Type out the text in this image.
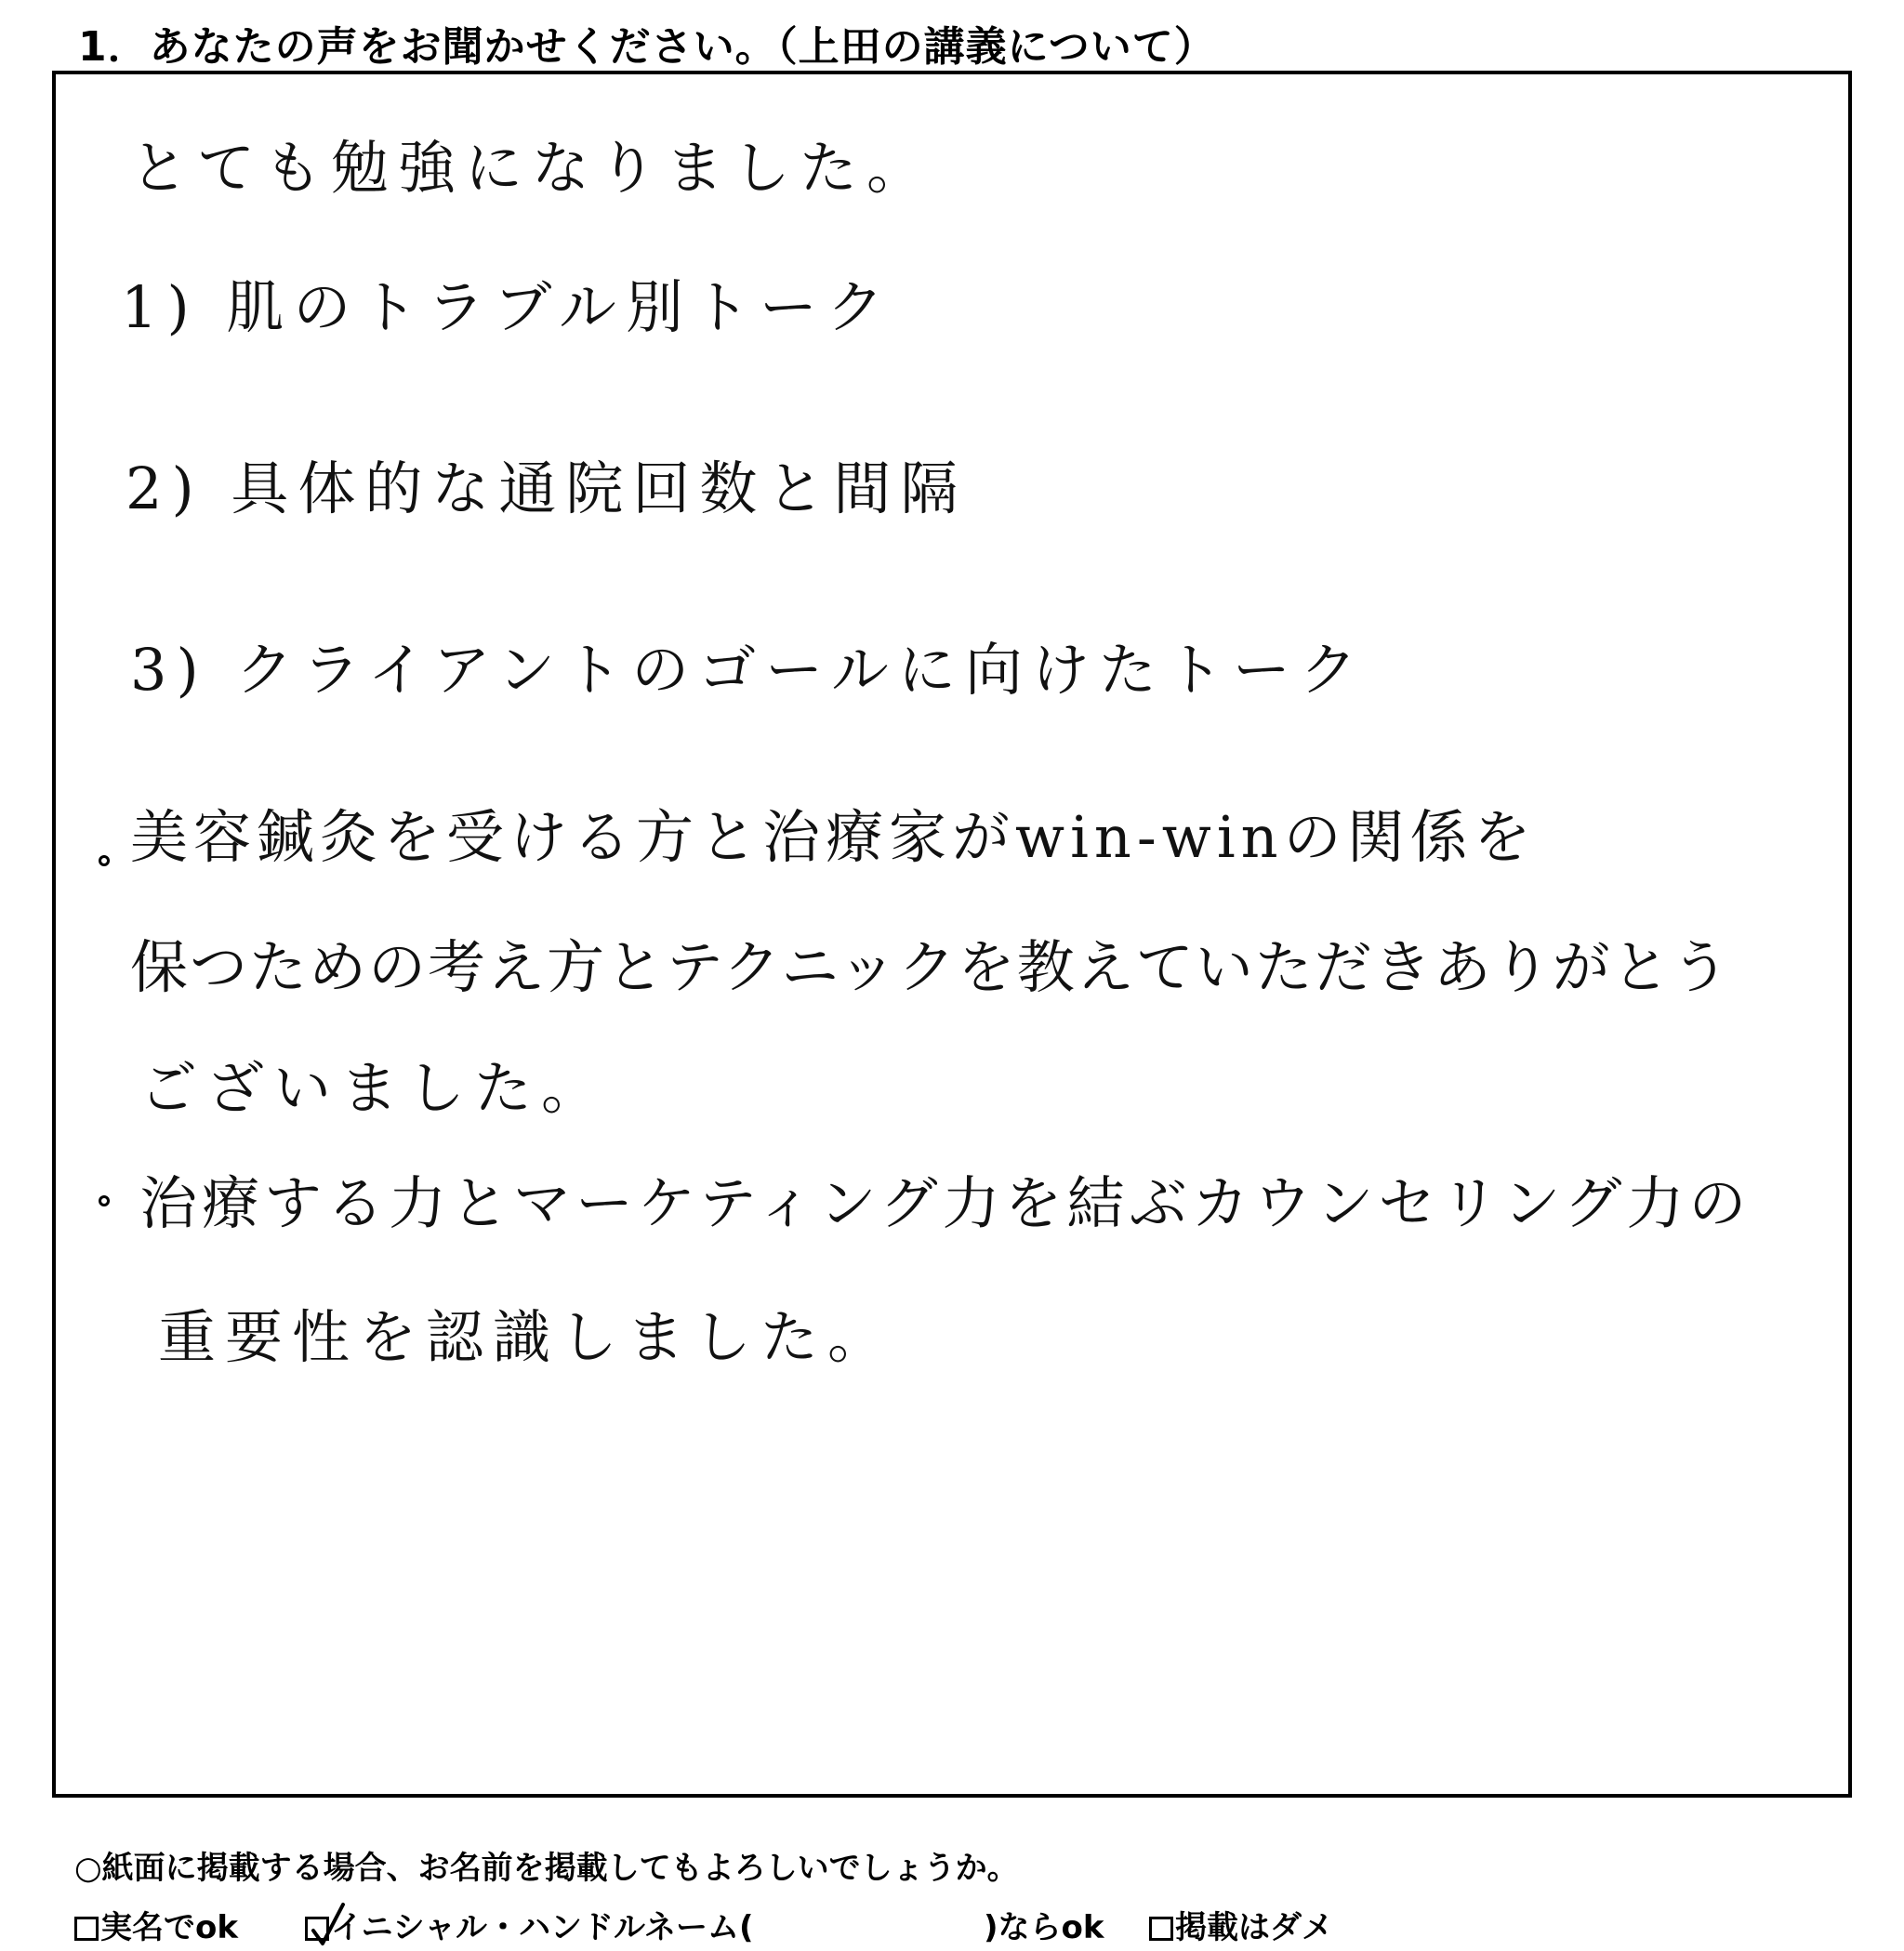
1．あなたの声をお聞かせください。（上田の講義について）
とても勉強になりました。
1) 肌のトラブル別トーク
2) 具体的な通院回数と間隔
3) クライアントのゴールに向けたトーク
美容鍼灸を受ける方と治療家がwin-winの関係を
保つための考え方とテクニックを教えていただきありがとう
ございました。
治療する力とマーケティング力を結ぶカウンセリング力の
重要性を認識しました。
○紙面に掲載する場合、お名前を掲載してもよろしいでしょうか。
実名でok	イニシャル・ハンドルネーム(	)ならok	掲載はダメ
